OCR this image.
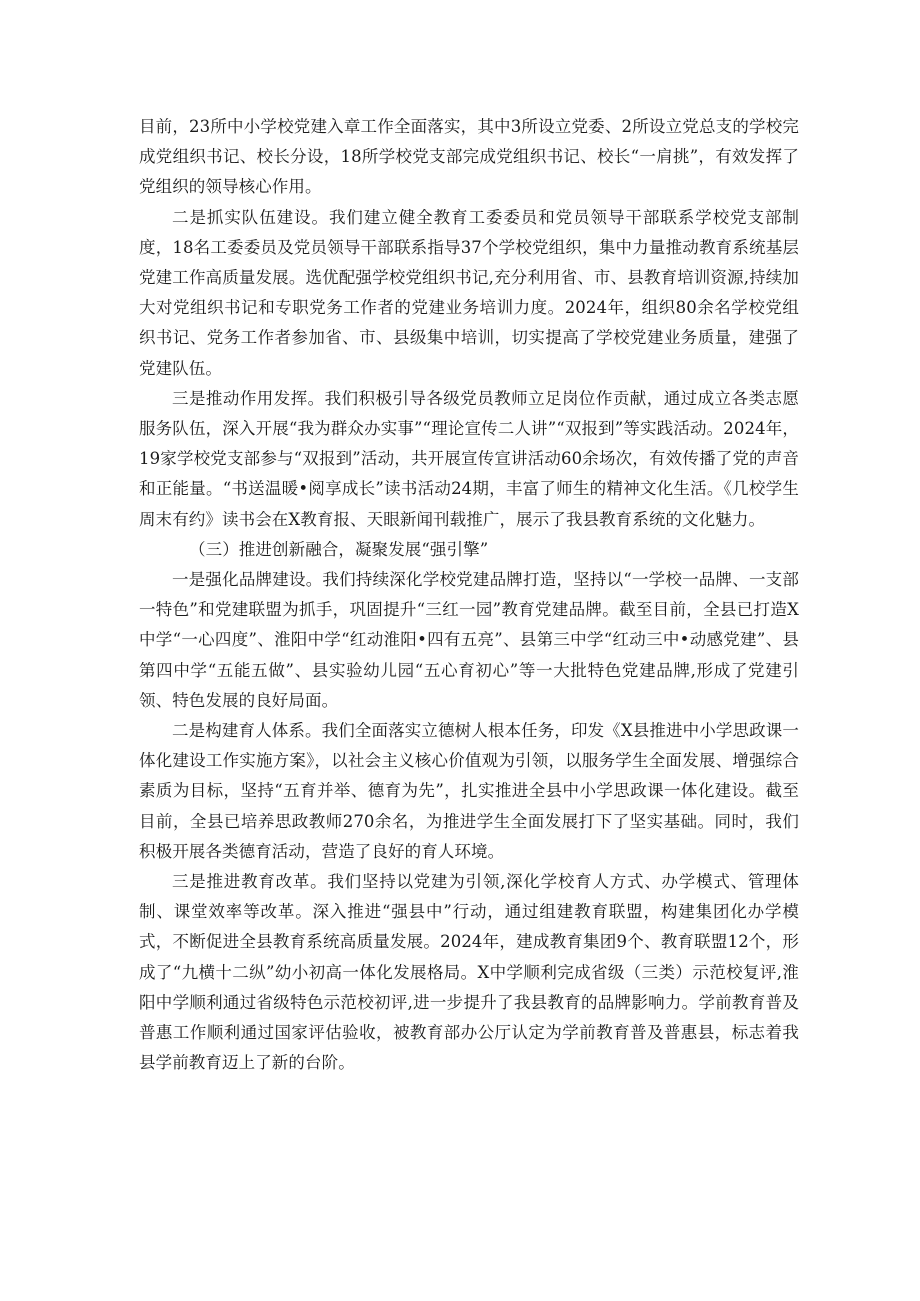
目前，23所中小学校党建入章工作全面落实，其中3所设立党委、2所设立党总支的学校完成党组织书记、校长分设，18所学校党支部完成党组织书记、校长“一肩挑”，有效发挥了党组织的领导核心作用。

二是抓实队伍建设。我们建立健全教育工委委员和党员领导干部联系学校党支部制度，18名工委委员及党员领导干部联系指导37个学校党组织，集中力量推动教育系统基层党建工作高质量发展。选优配强学校党组织书记,充分利用省、市、县教育培训资源,持续加大对党组织书记和专职党务工作者的党建业务培训力度。2024年，组织80余名学校党组织书记、党务工作者参加省、市、县级集中培训，切实提高了学校党建业务质量，建强了党建队伍。

三是推动作用发挥。我们积极引导各级党员教师立足岗位作贡献，通过成立各类志愿服务队伍，深入开展“我为群众办实事”“理论宣传二人讲”“双报到”等实践活动。2024年，19家学校党支部参与“双报到”活动，共开展宣传宣讲活动60余场次，有效传播了党的声音和正能量。“书送温暖•阅享成长”读书活动24期，丰富了师生的精神文化生活。《几校学生周末有约》读书会在X教育报、天眼新闻刊载推广，展示了我县教育系统的文化魅力。

（三）推进创新融合，凝聚发展“强引擎”

一是强化品牌建设。我们持续深化学校党建品牌打造，坚持以“一学校一品牌、一支部一特色”和党建联盟为抓手，巩固提升“三红一园”教育党建品牌。截至目前，全县已打造X中学“一心四度”、淮阳中学“红动淮阳•四有五亮”、县第三中学“红动三中•动感党建”、县第四中学“五能五做”、县实验幼儿园“五心育初心”等一大批特色党建品牌,形成了党建引领、特色发展的良好局面。

二是构建育人体系。我们全面落实立德树人根本任务，印发《X县推进中小学思政课一体化建设工作实施方案》，以社会主义核心价值观为引领，以服务学生全面发展、增强综合素质为目标，坚持“五育并举、德育为先”，扎实推进全县中小学思政课一体化建设。截至目前，全县已培养思政教师270余名，为推进学生全面发展打下了坚实基础。同时，我们积极开展各类德育活动，营造了良好的育人环境。

三是推进教育改革。我们坚持以党建为引领,深化学校育人方式、办学模式、管理体制、课堂效率等改革。深入推进“强县中”行动，通过组建教育联盟，构建集团化办学模式，不断促进全县教育系统高质量发展。2024年，建成教育集团9个、教育联盟12个，形成了“九横十二纵”幼小初高一体化发展格局。X中学顺利完成省级（三类）示范校复评,淮阳中学顺利通过省级特色示范校初评,进一步提升了我县教育的品牌影响力。学前教育普及普惠工作顺利通过国家评估验收，被教育部办公厅认定为学前教育普及普惠县，标志着我县学前教育迈上了新的台阶。
